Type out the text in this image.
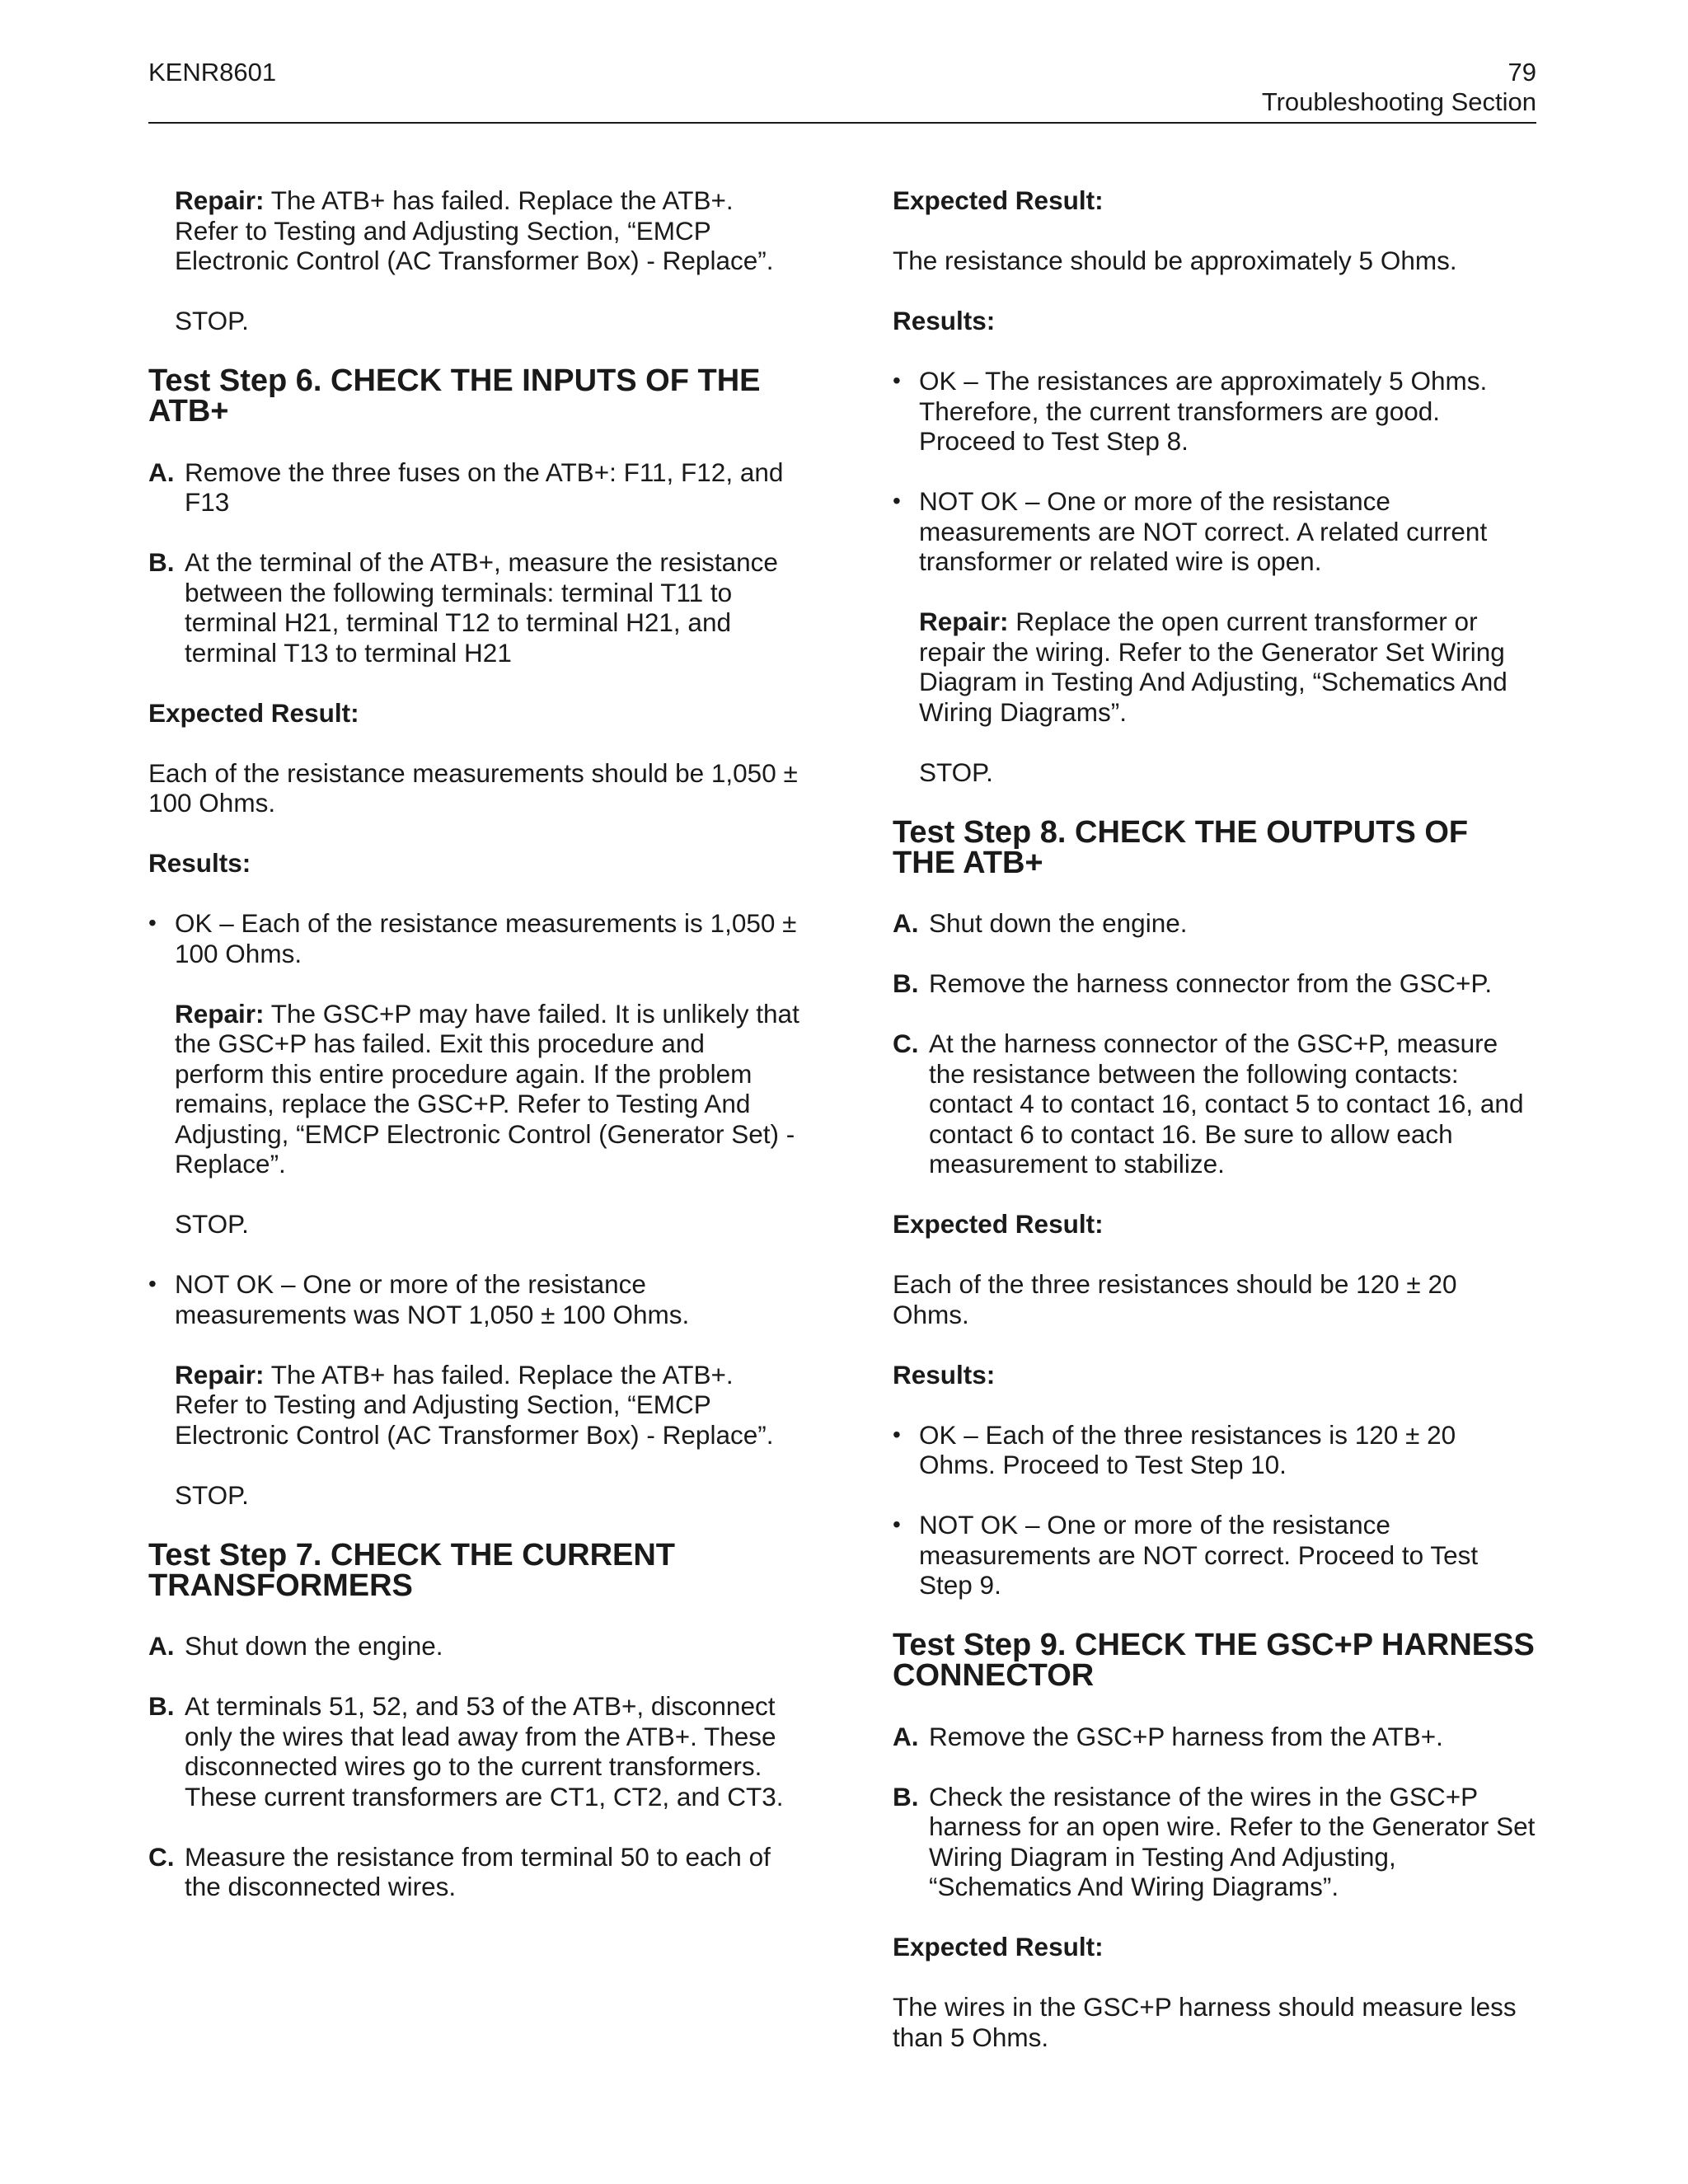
KENR8601	79
Troubleshooting Section

Repair: The ATB+ has failed. Replace the ATB+. Refer to Testing and Adjusting Section, “EMCP Electronic Control (AC Transformer Box) - Replace”.

STOP.

Test Step 6. CHECK THE INPUTS OF THE ATB+
A. Remove the three fuses on the ATB+: F11, F12, and F13
B. At the terminal of the ATB+, measure the resistance between the following terminals: terminal T11 to terminal H21, terminal T12 to terminal H21, and terminal T13 to terminal H21

Expected Result:

Each of the resistance measurements should be 1,050 ± 100 Ohms.

Results:

• OK – Each of the resistance measurements is 1,050 ± 100 Ohms.

Repair: The GSC+P may have failed. It is unlikely that the GSC+P has failed. Exit this procedure and perform this entire procedure again. If the problem remains, replace the GSC+P. Refer to Testing And Adjusting, “EMCP Electronic Control (Generator Set) - Replace”.

STOP.

• NOT OK – One or more of the resistance measurements was NOT 1,050 ± 100 Ohms.

Repair: The ATB+ has failed. Replace the ATB+. Refer to Testing and Adjusting Section, “EMCP Electronic Control (AC Transformer Box) - Replace”.

STOP.

Test Step 7. CHECK THE CURRENT TRANSFORMERS
A. Shut down the engine.
B. At terminals 51, 52, and 53 of the ATB+, disconnect only the wires that lead away from the ATB+. These disconnected wires go to the current transformers. These current transformers are CT1, CT2, and CT3.
C. Measure the resistance from terminal 50 to each of the disconnected wires.

Expected Result:

The resistance should be approximately 5 Ohms.

Results:

• OK – The resistances are approximately 5 Ohms. Therefore, the current transformers are good. Proceed to Test Step 8.
• NOT OK – One or more of the resistance measurements are NOT correct. A related current transformer or related wire is open.

Repair: Replace the open current transformer or repair the wiring. Refer to the Generator Set Wiring Diagram in Testing And Adjusting, “Schematics And Wiring Diagrams”.

STOP.

Test Step 8. CHECK THE OUTPUTS OF THE ATB+
A. Shut down the engine.
B. Remove the harness connector from the GSC+P.
C. At the harness connector of the GSC+P, measure the resistance between the following contacts: contact 4 to contact 16, contact 5 to contact 16, and contact 6 to contact 16. Be sure to allow each measurement to stabilize.

Expected Result:

Each of the three resistances should be 120 ± 20 Ohms.

Results:

• OK – Each of the three resistances is 120 ± 20 Ohms. Proceed to Test Step 10.
• NOT OK – One or more of the resistance measurements are NOT correct. Proceed to Test Step 9.
Test Step 9. CHECK THE GSC+P HARNESS CONNECTOR
A. Remove the GSC+P harness from the ATB+.
B. Check the resistance of the wires in the GSC+P harness for an open wire. Refer to the Generator Set Wiring Diagram in Testing And Adjusting, “Schematics And Wiring Diagrams”.

Expected Result:

The wires in the GSC+P harness should measure less than 5 Ohms.
